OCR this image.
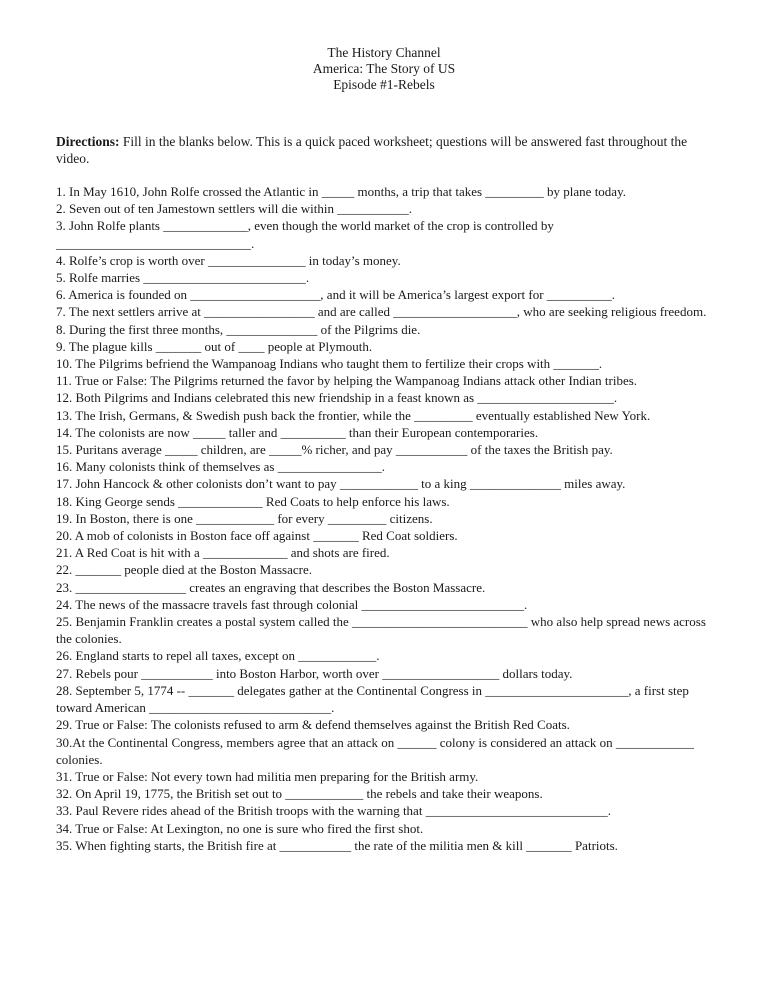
The History Channel
America: The Story of US
Episode #1-Rebels
Directions: Fill in the blanks below. This is a quick paced worksheet; questions will be answered fast throughout the video.

1. In May 1610, John Rolfe crossed the Atlantic in _____ months, a trip that takes _________ by plane today.

2. Seven out of ten Jamestown settlers will die within ___________.

3. John Rolfe plants _____________, even though the world market of the crop is controlled by ______________________________.

4. Rolfe’s crop is worth over _______________ in today’s money.

5. Rolfe marries _________________________.

6. America is founded on ____________________, and it will be America’s largest export for __________.

7. The next settlers arrive at _________________ and are called ___________________, who are seeking religious freedom.

8. During the first three months, ______________ of the Pilgrims die.

9. The plague kills _______ out of ____ people at Plymouth.

10. The Pilgrims befriend the Wampanoag Indians who taught them to fertilize their crops with _______.

11. True or False: The Pilgrims returned the favor by helping the Wampanoag Indians attack other Indian tribes.

12. Both Pilgrims and Indians celebrated this new friendship in a feast known as _____________________.

13. The Irish, Germans, & Swedish push back the frontier, while the _________ eventually established New York.

14. The colonists are now _____ taller and __________ than their European contemporaries.

15. Puritans average _____ children, are _____% richer, and pay ___________ of the taxes the British pay.

16. Many colonists think of themselves as ________________.

17. John Hancock & other colonists don’t want to pay ____________ to a king ______________ miles away.

18. King George sends _____________ Red Coats to help enforce his laws.

19. In Boston, there is one ____________ for every _________ citizens.

20. A mob of colonists in Boston face off against _______ Red Coat soldiers.

21. A Red Coat is hit with a _____________ and shots are fired.

22. _______ people died at the Boston Massacre.

23. _________________ creates an engraving that describes the Boston Massacre.

24. The news of the massacre travels fast through colonial _________________________.

25. Benjamin Franklin creates a postal system called the ___________________________ who also help spread news across the colonies.

26. England starts to repel all taxes, except on ____________.

27. Rebels pour ___________ into Boston Harbor, worth over __________________ dollars today.

28. September 5, 1774 -- _______ delegates gather at the Continental Congress in ______________________, a first step toward American ____________________________.

29. True or False: The colonists refused to arm & defend themselves against the British Red Coats.

30.At the Continental Congress, members agree that an attack on ______ colony is considered an attack on ____________ colonies.

31. True or False: Not every town had militia men preparing for the British army.

32. On April 19, 1775, the British set out to ____________ the rebels and take their weapons.

33. Paul Revere rides ahead of the British troops with the warning that ____________________________.

34. True or False: At Lexington, no one is sure who fired the first shot.

35. When fighting starts, the British fire at ___________ the rate of the militia men & kill _______ Patriots.
